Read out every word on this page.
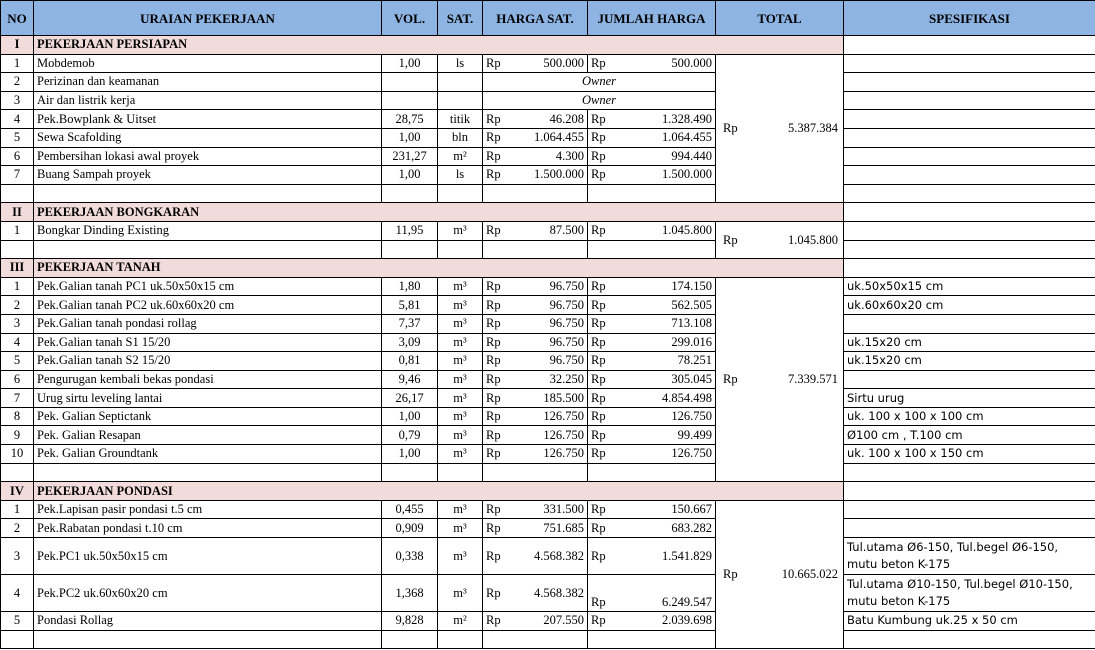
NO	URAIAN PEKERJAAN	VOL.	SAT.	HARGA SAT.	JUMLAH HARGA	TOTAL	SPESIFIKASI
I	PEKERJAAN PERSIAPAN						
1	Mobdemob	1,00	ls	Rp 500.000	Rp 500.000	Rp 5.387.384	

2	Perizinan dan keamanan			Owner			
3	Air dan listrik kerja			Owner			
4	Pek.Bowplank & Uitset	28,75	titik	Rp 46.208	Rp 1.328.490		

5	Sewa Scafolding	1,00	bln	Rp 1.064.455	Rp 1.064.455		

6	Pembersihan lokasi awal proyek	231,27	m²	Rp 4.300	Rp 994.440		

7	Buang Sampah proyek	1,00	ls	Rp 1.500.000	Rp 1.500.000		

II	PEKERJAAN BONGKARAN						
1	Bongkar Dinding Existing	11,95	m³	Rp 87.500	Rp 1.045.800	Rp 1.045.800	

III	PEKERJAAN TANAH						
1	Pek.Galian tanah PC1 uk.50x50x15 cm	1,80	m³	Rp 96.750	Rp 174.150	Rp 7.339.571	uk.50x50x15 cm
2	Pek.Galian tanah PC2 uk.60x60x20 cm	5,81	m³	Rp 96.750	Rp 562.505		uk.60x60x20 cm
3	Pek.Galian tanah pondasi rollag	7,37	m³	Rp 96.750	Rp 713.108		

4	Pek.Galian tanah S1 15/20	3,09	m³	Rp 96.750	Rp 299.016		uk.15x20 cm
5	Pek.Galian tanah S2 15/20	0,81	m³	Rp 96.750	Rp 78.251		uk.15x20 cm
6	Pengurugan kembali bekas pondasi	9,46	m³	Rp 32.250	Rp 305.045		

7	Urug sirtu leveling lantai	26,17	m³	Rp 185.500	Rp 4.854.498		Sirtu urug
8	Pek. Galian Septictank	1,00	m³	Rp 126.750	Rp 126.750		uk. 100 x 100 x 100 cm
9	Pek. Galian Resapan	0,79	m³	Rp 126.750	Rp 99.499		Ø100 cm , T.100 cm
10	Pek. Galian Groundtank	1,00	m³	Rp 126.750	Rp 126.750		uk. 100 x 100 x 150 cm

IV	PEKERJAAN PONDASI						
1	Pek.Lapisan pasir pondasi t.5 cm	0,455	m³	Rp 331.500	Rp 150.667	Rp 10.665.022	

2	Pek.Rabatan pondasi t.10 cm	0,909	m³	Rp 751.685	Rp 683.282		

3	Pek.PC1 uk.50x50x15 cm	0,338	m³	Rp 4.568.382	Rp 1.541.829		Tul.utama Ø6-150, Tul.begel Ø6-150, mutu beton K-175
4	Pek.PC2 uk.60x60x20 cm	1,368	m³	Rp 4.568.382	Rp 6.249.547		Tul.utama Ø10-150, Tul.begel Ø10-150, mutu beton K-175
5	Pondasi Rollag	9,828	m²	Rp 207.550	Rp 2.039.698		Batu Kumbung uk.25 x 50 cm
